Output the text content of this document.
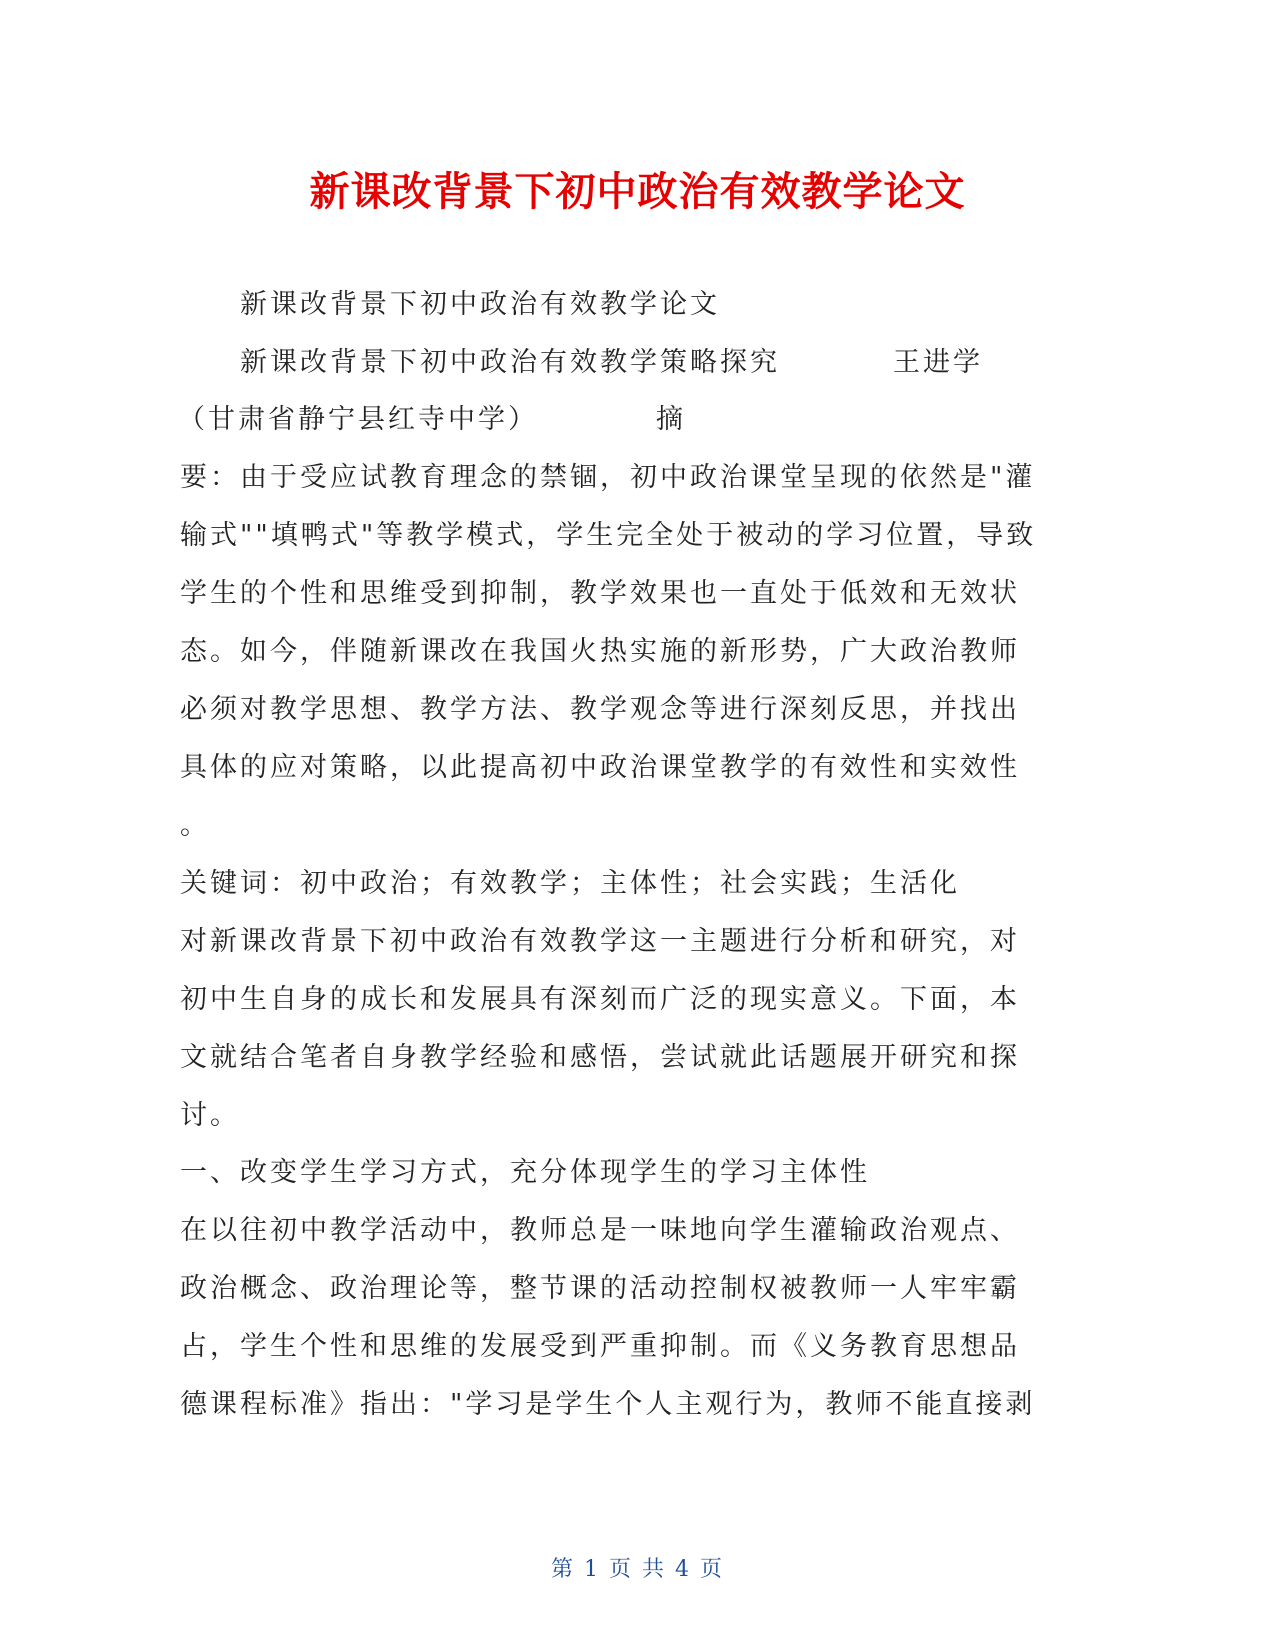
新课改背景下初中政治有效教学论文
新课改背景下初中政治有效教学论文
新课改背景下初中政治有效教学策略探究	王进学
（甘肃省静宁县红寺中学）	摘
要：由于受应试教育理念的禁锢，初中政治课堂呈现的依然是"灌
输式""填鸭式"等教学模式，学生完全处于被动的学习位置，导致
学生的个性和思维受到抑制，教学效果也一直处于低效和无效状
态。如今，伴随新课改在我国火热实施的新形势，广大政治教师
必须对教学思想、教学方法、教学观念等进行深刻反思，并找出
具体的应对策略，以此提高初中政治课堂教学的有效性和实效性
。
关键词：初中政治；有效教学；主体性；社会实践；生活化
对新课改背景下初中政治有效教学这一主题进行分析和研究，对
初中生自身的成长和发展具有深刻而广泛的现实意义。下面，本
文就结合笔者自身教学经验和感悟，尝试就此话题展开研究和探
讨。
一、改变学生学习方式，充分体现学生的学习主体性
在以往初中教学活动中，教师总是一味地向学生灌输政治观点、
政治概念、政治理论等，整节课的活动控制权被教师一人牢牢霸
占，学生个性和思维的发展受到严重抑制。而《义务教育思想品
德课程标准》指出："学习是学生个人主观行为，教师不能直接剥
第 1 页 共 4 页
